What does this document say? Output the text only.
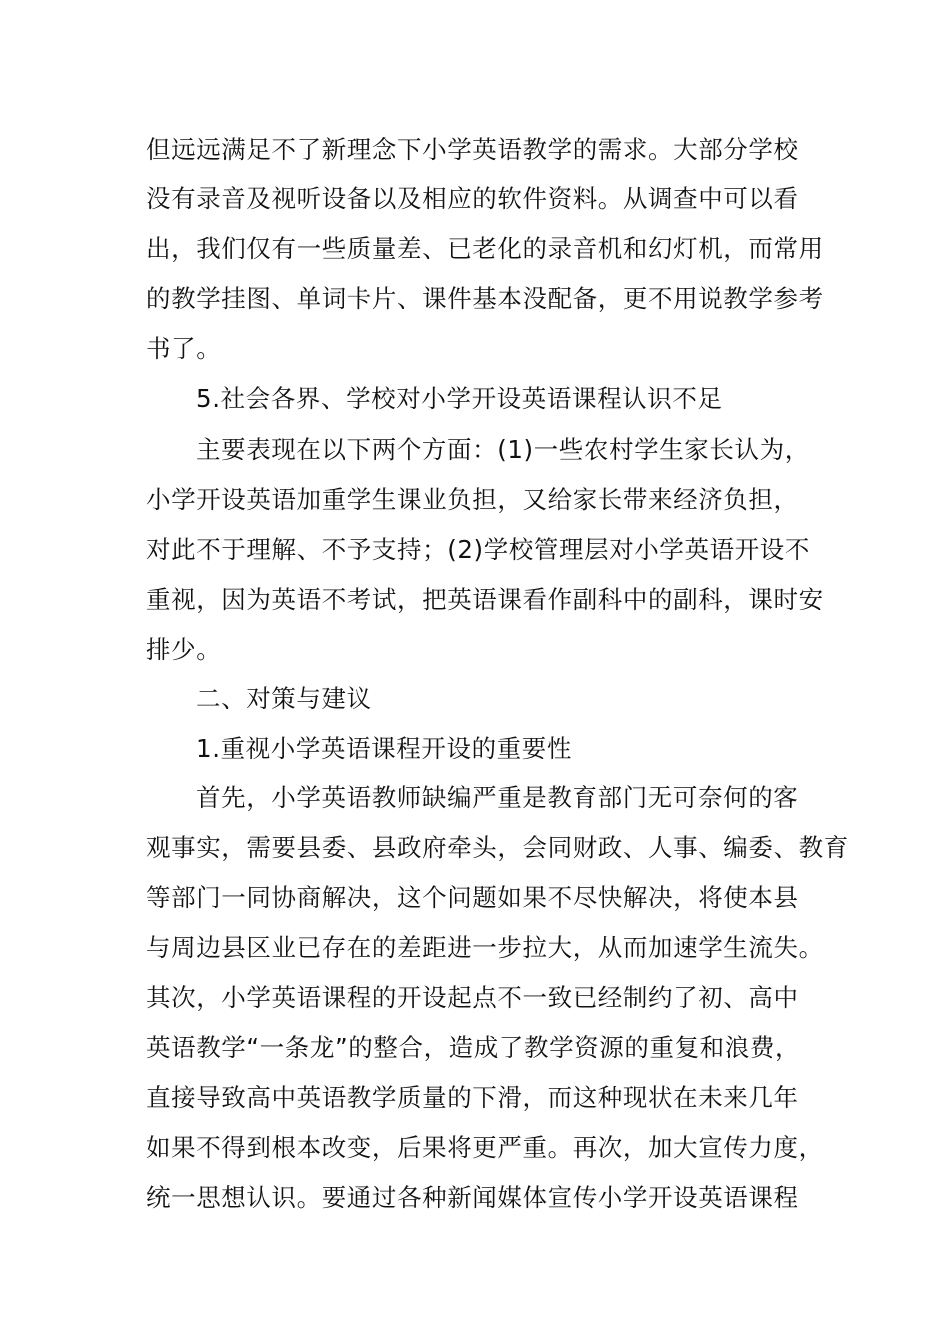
但远远满足不了新理念下小学英语教学的需求。大部分学校
没有录音及视听设备以及相应的软件资料。从调查中可以看
出，我们仅有一些质量差、已老化的录音机和幻灯机，而常用
的教学挂图、单词卡片、课件基本没配备，更不用说教学参考
书了。
5.社会各界、学校对小学开设英语课程认识不足
主要表现在以下两个方面：(1)一些农村学生家长认为，
小学开设英语加重学生课业负担，又给家长带来经济负担，
对此不于理解、不予支持；(2)学校管理层对小学英语开设不
重视，因为英语不考试，把英语课看作副科中的副科，课时安
排少。
二、对策与建议
1.重视小学英语课程开设的重要性
首先，小学英语教师缺编严重是教育部门无可奈何的客
观事实，需要县委、县政府牵头，会同财政、人事、编委、教育
等部门一同协商解决，这个问题如果不尽快解决，将使本县
与周边县区业已存在的差距进一步拉大，从而加速学生流失。
其次，小学英语课程的开设起点不一致已经制约了初、高中
英语教学“一条龙”的整合，造成了教学资源的重复和浪费，
直接导致高中英语教学质量的下滑，而这种现状在未来几年
如果不得到根本改变，后果将更严重。再次，加大宣传力度，
统一思想认识。要通过各种新闻媒体宣传小学开设英语课程
